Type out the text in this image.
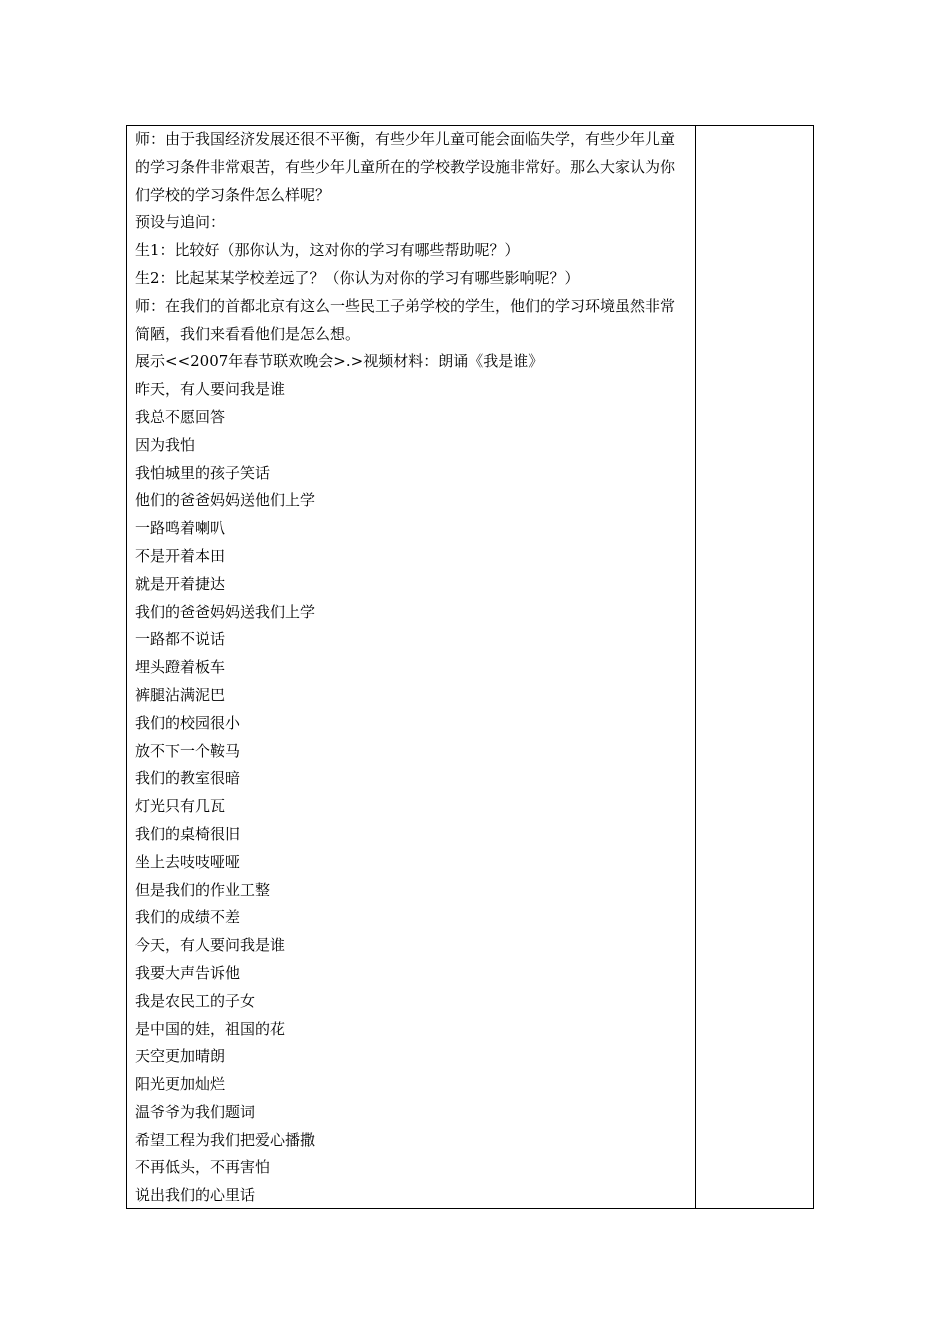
师：由于我国经济发展还很不平衡，有些少年儿童可能会面临失学，有些少年儿童的学习条件非常艰苦，有些少年儿童所在的学校教学设施非常好。那么大家认为你们学校的学习条件怎么样呢？

预设与追问：

生1：比较好（那你认为，这对你的学习有哪些帮助呢？）

生2：比起某某学校差远了？（你认为对你的学习有哪些影响呢？）

师：在我们的首都北京有这么一些民工子弟学校的学生，他们的学习环境虽然非常简陋，我们来看看他们是怎么想。

展示<<2007年春节联欢晚会>.>视频材料：朗诵《我是谁》

昨天，有人要问我是谁

我总不愿回答

因为我怕

我怕城里的孩子笑话

他们的爸爸妈妈送他们上学

一路鸣着喇叭

不是开着本田

就是开着捷达

我们的爸爸妈妈送我们上学

一路都不说话

埋头蹬着板车

裤腿沾满泥巴

我们的校园很小

放不下一个鞍马

我们的教室很暗

灯光只有几瓦

我们的桌椅很旧

坐上去吱吱哑哑

但是我们的作业工整

我们的成绩不差

今天，有人要问我是谁

我要大声告诉他

我是农民工的子女

是中国的娃，祖国的花

天空更加晴朗

阳光更加灿烂

温爷爷为我们题词

希望工程为我们把爱心播撒

不再低头，不再害怕

说出我们的心里话
